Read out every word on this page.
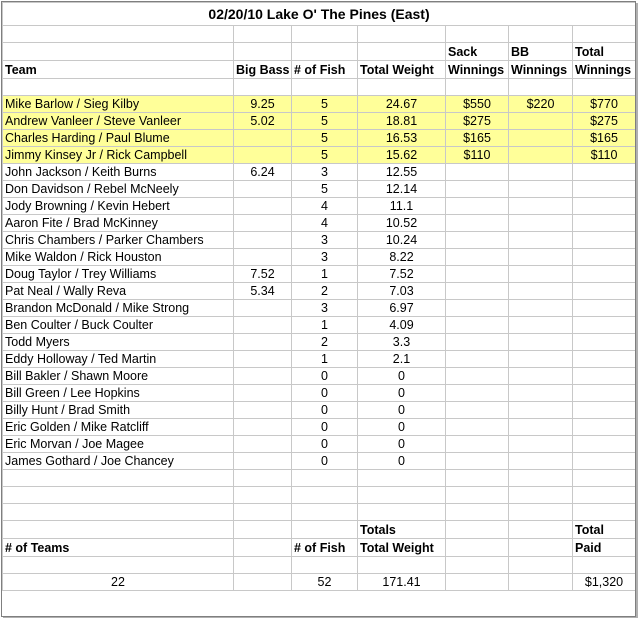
02/20/10 Lake O' The Pines (East)						

				Sack	BB	Total
Team	Big Bass	# of Fish	Total Weight	Winnings	Winnings	Winnings

Mike Barlow / Sieg Kilby	9.25	5	24.67	$550	$220	$770
Andrew Vanleer / Steve Vanleer	5.02	5	18.81	$275		$275
Charles Harding / Paul Blume		5	16.53	$165		$165
Jimmy Kinsey Jr / Rick Campbell		5	15.62	$110		$110
John Jackson / Keith Burns	6.24	3	12.55			
Don Davidson / Rebel McNeely		5	12.14			
Jody Browning / Kevin Hebert		4	11.1			
Aaron Fite / Brad McKinney		4	10.52			
Chris Chambers / Parker Chambers		3	10.24			
Mike Waldon / Rick Houston		3	8.22			
Doug Taylor / Trey Williams	7.52	1	7.52			
Pat Neal / Wally Reva	5.34	2	7.03			
Brandon McDonald / Mike Strong		3	6.97			
Ben Coulter / Buck Coulter		1	4.09			
Todd Myers		2	3.3			
Eddy Holloway / Ted Martin		1	2.1			
Bill Bakler / Shawn Moore		0	0			
Bill Green / Lee Hopkins		0	0			
Billy Hunt / Brad Smith		0	0			
Eric Golden / Mike Ratcliff		0	0			
Eric Morvan / Joe Magee		0	0			
James Gothard / Joe Chancey		0	0			

			Totals			Total
# of Teams		# of Fish	Total Weight			Paid

22		52	171.41			$1,320
